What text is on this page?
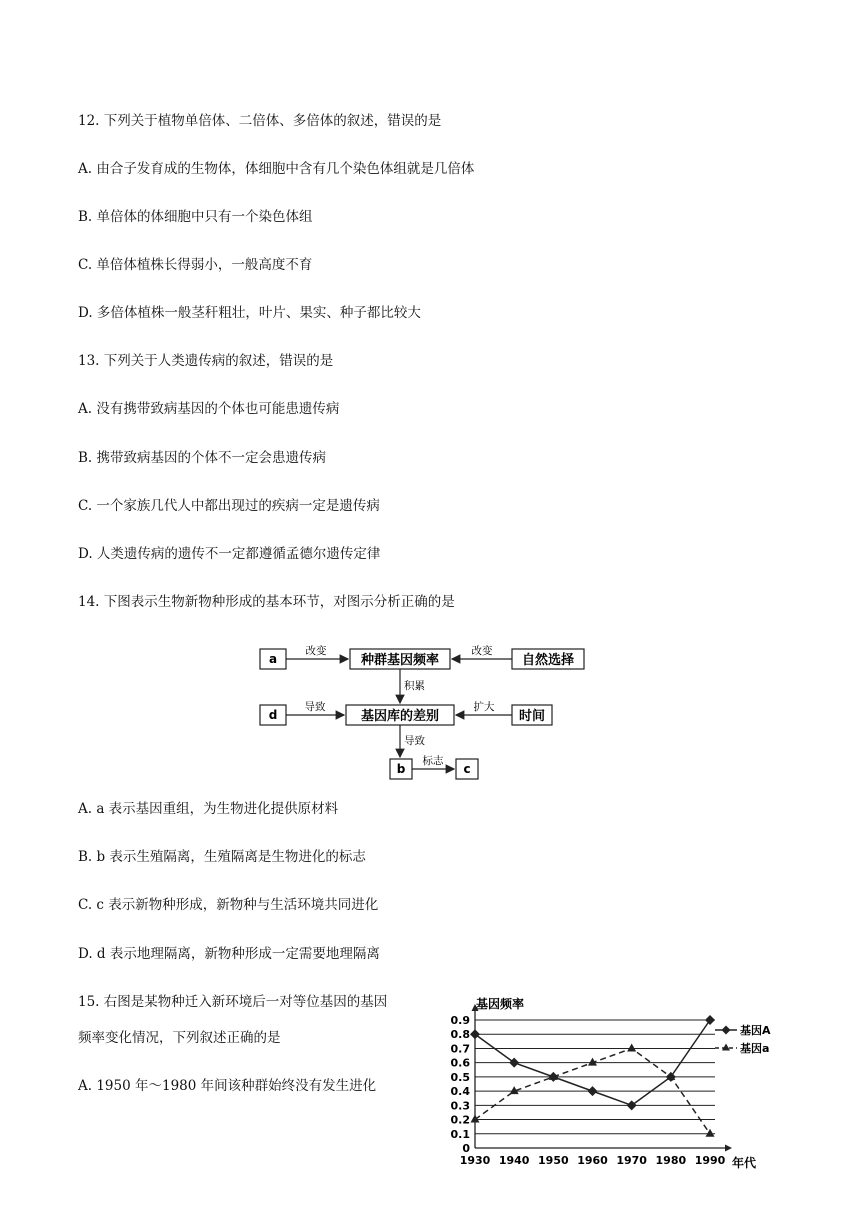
12. 下列关于植物单倍体、二倍体、多倍体的叙述，错误的是
A. 由合子发育成的生物体，体细胞中含有几个染色体组就是几倍体
B. 单倍体的体细胞中只有一个染色体组
C. 单倍体植株长得弱小，一般高度不育
D. 多倍体植株一般茎秆粗壮，叶片、果实、种子都比较大
13. 下列关于人类遗传病的叙述，错误的是
A. 没有携带致病基因的个体也可能患遗传病
B. 携带致病基因的个体不一定会患遗传病
C. 一个家族几代人中都出现过的疾病一定是遗传病
D. 人类遗传病的遗传不一定都遵循孟德尔遗传定律
14. 下图表示生物新物种形成的基本环节，对图示分析正确的是
a	种群基因频率	自然选择
改变	改变
积累
d	基因库的差别	时间
导致	扩大
导致
b	c
标志
A. a 表示基因重组，为生物进化提供原材料
B. b 表示生殖隔离，生殖隔离是生物进化的标志
C. c 表示新物种形成，新物种与生活环境共同进化
D. d 表示地理隔离，新物种形成一定需要地理隔离
15. 右图是某物种迁入新环境后一对等位基因的基因
频率变化情况，下列叙述正确的是
A. 1950 年～1980 年间该种群始终没有发生进化
0
0.1
0.2
0.3
0.4
0.5
0.6
0.7
0.8
0.9
1930 1940 1950 1960 1970 1980 1990
基因A
基因a
基因频率
年代
